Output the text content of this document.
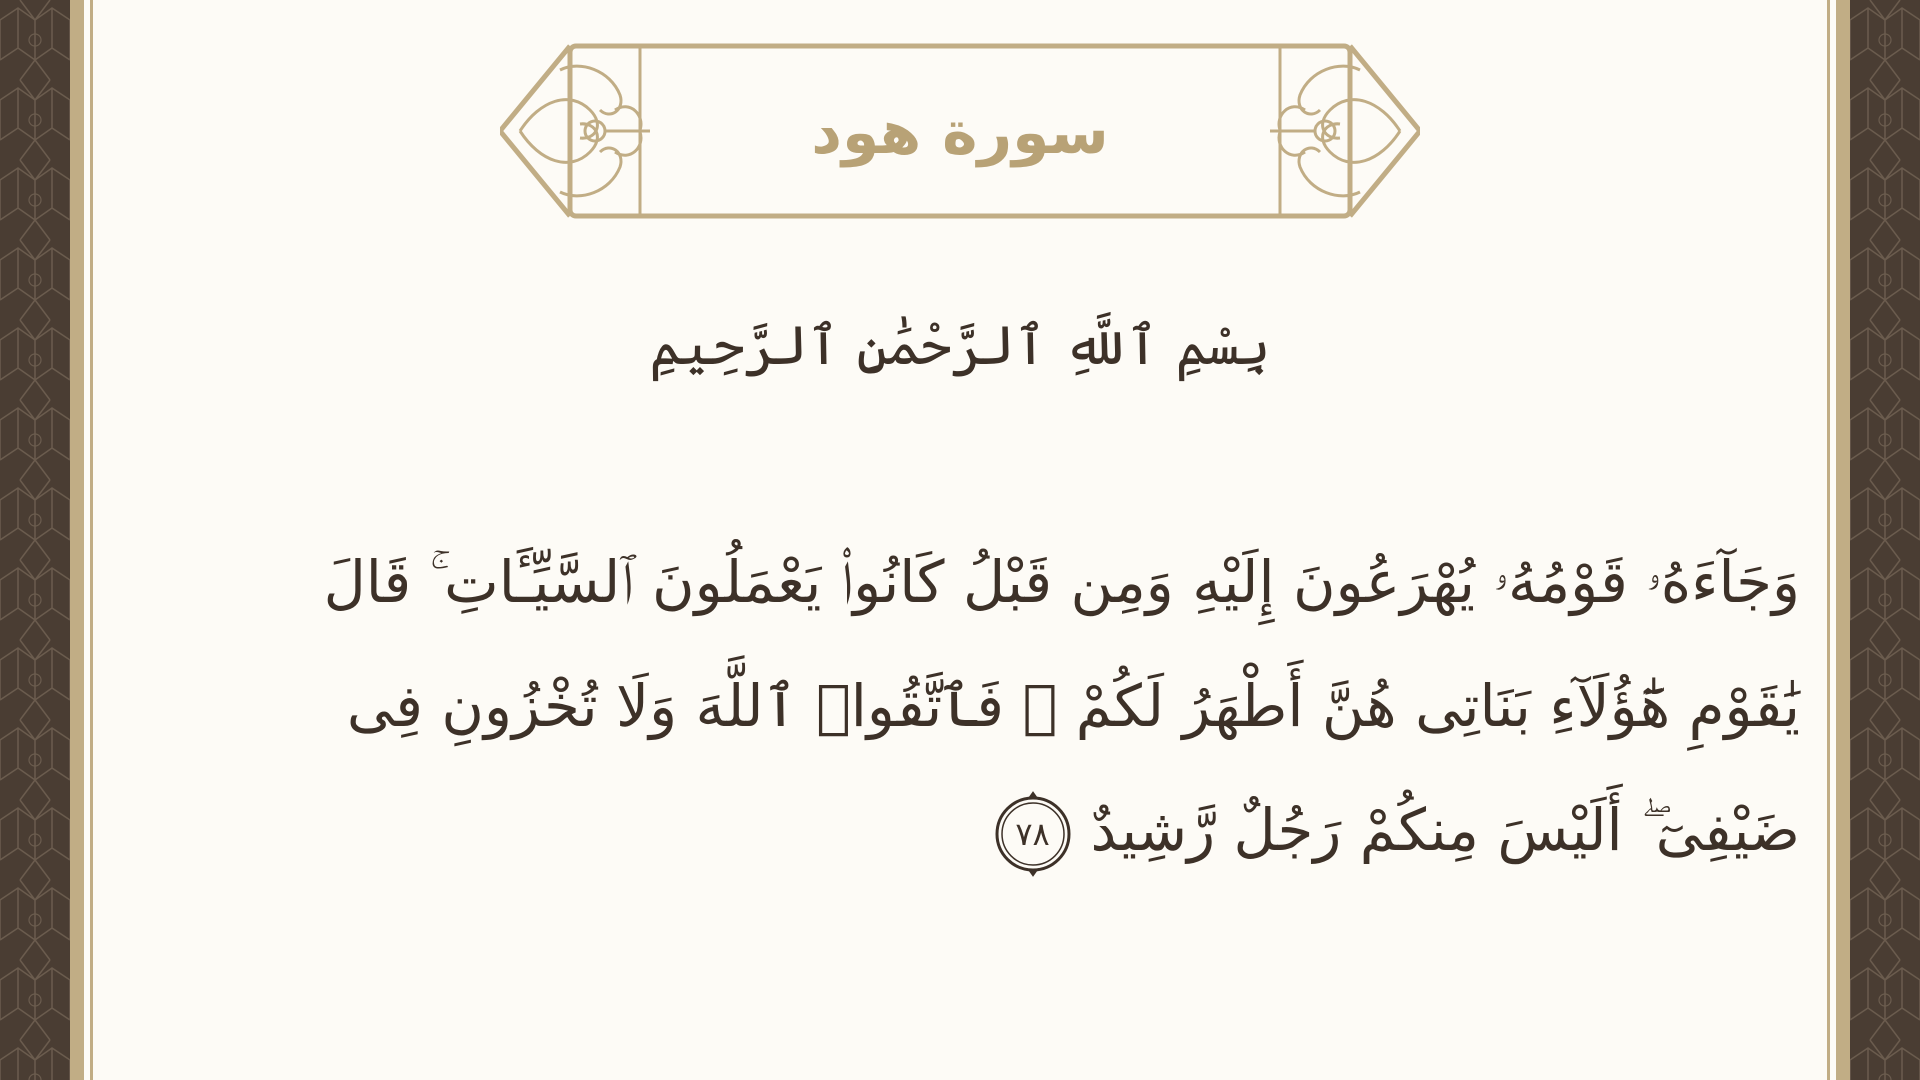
سورة هود
بِسْمِ ٱللَّهِ ٱلرَّحْمَٰنِ ٱلرَّحِيمِ
وَجَآءَهُۥ قَوْمُهُۥ يُهْرَعُونَ إِلَيْهِ وَمِن قَبْلُ كَانُوا۟ يَعْمَلُونَ ٱلسَّيِّـَٔاتِ ۚ قَالَ
يَٰقَوْمِ هَٰٓؤُلَآءِ بَنَاتِى هُنَّ أَطْهَرُ لَكُمْ ۖ فَٱتَّقُوا۟ ٱللَّهَ وَلَا تُخْزُونِ فِى
ضَيْفِىٓ ۖ أَلَيْسَ مِنكُمْ رَجُلٌ رَّشِيدٌ
٧٨
